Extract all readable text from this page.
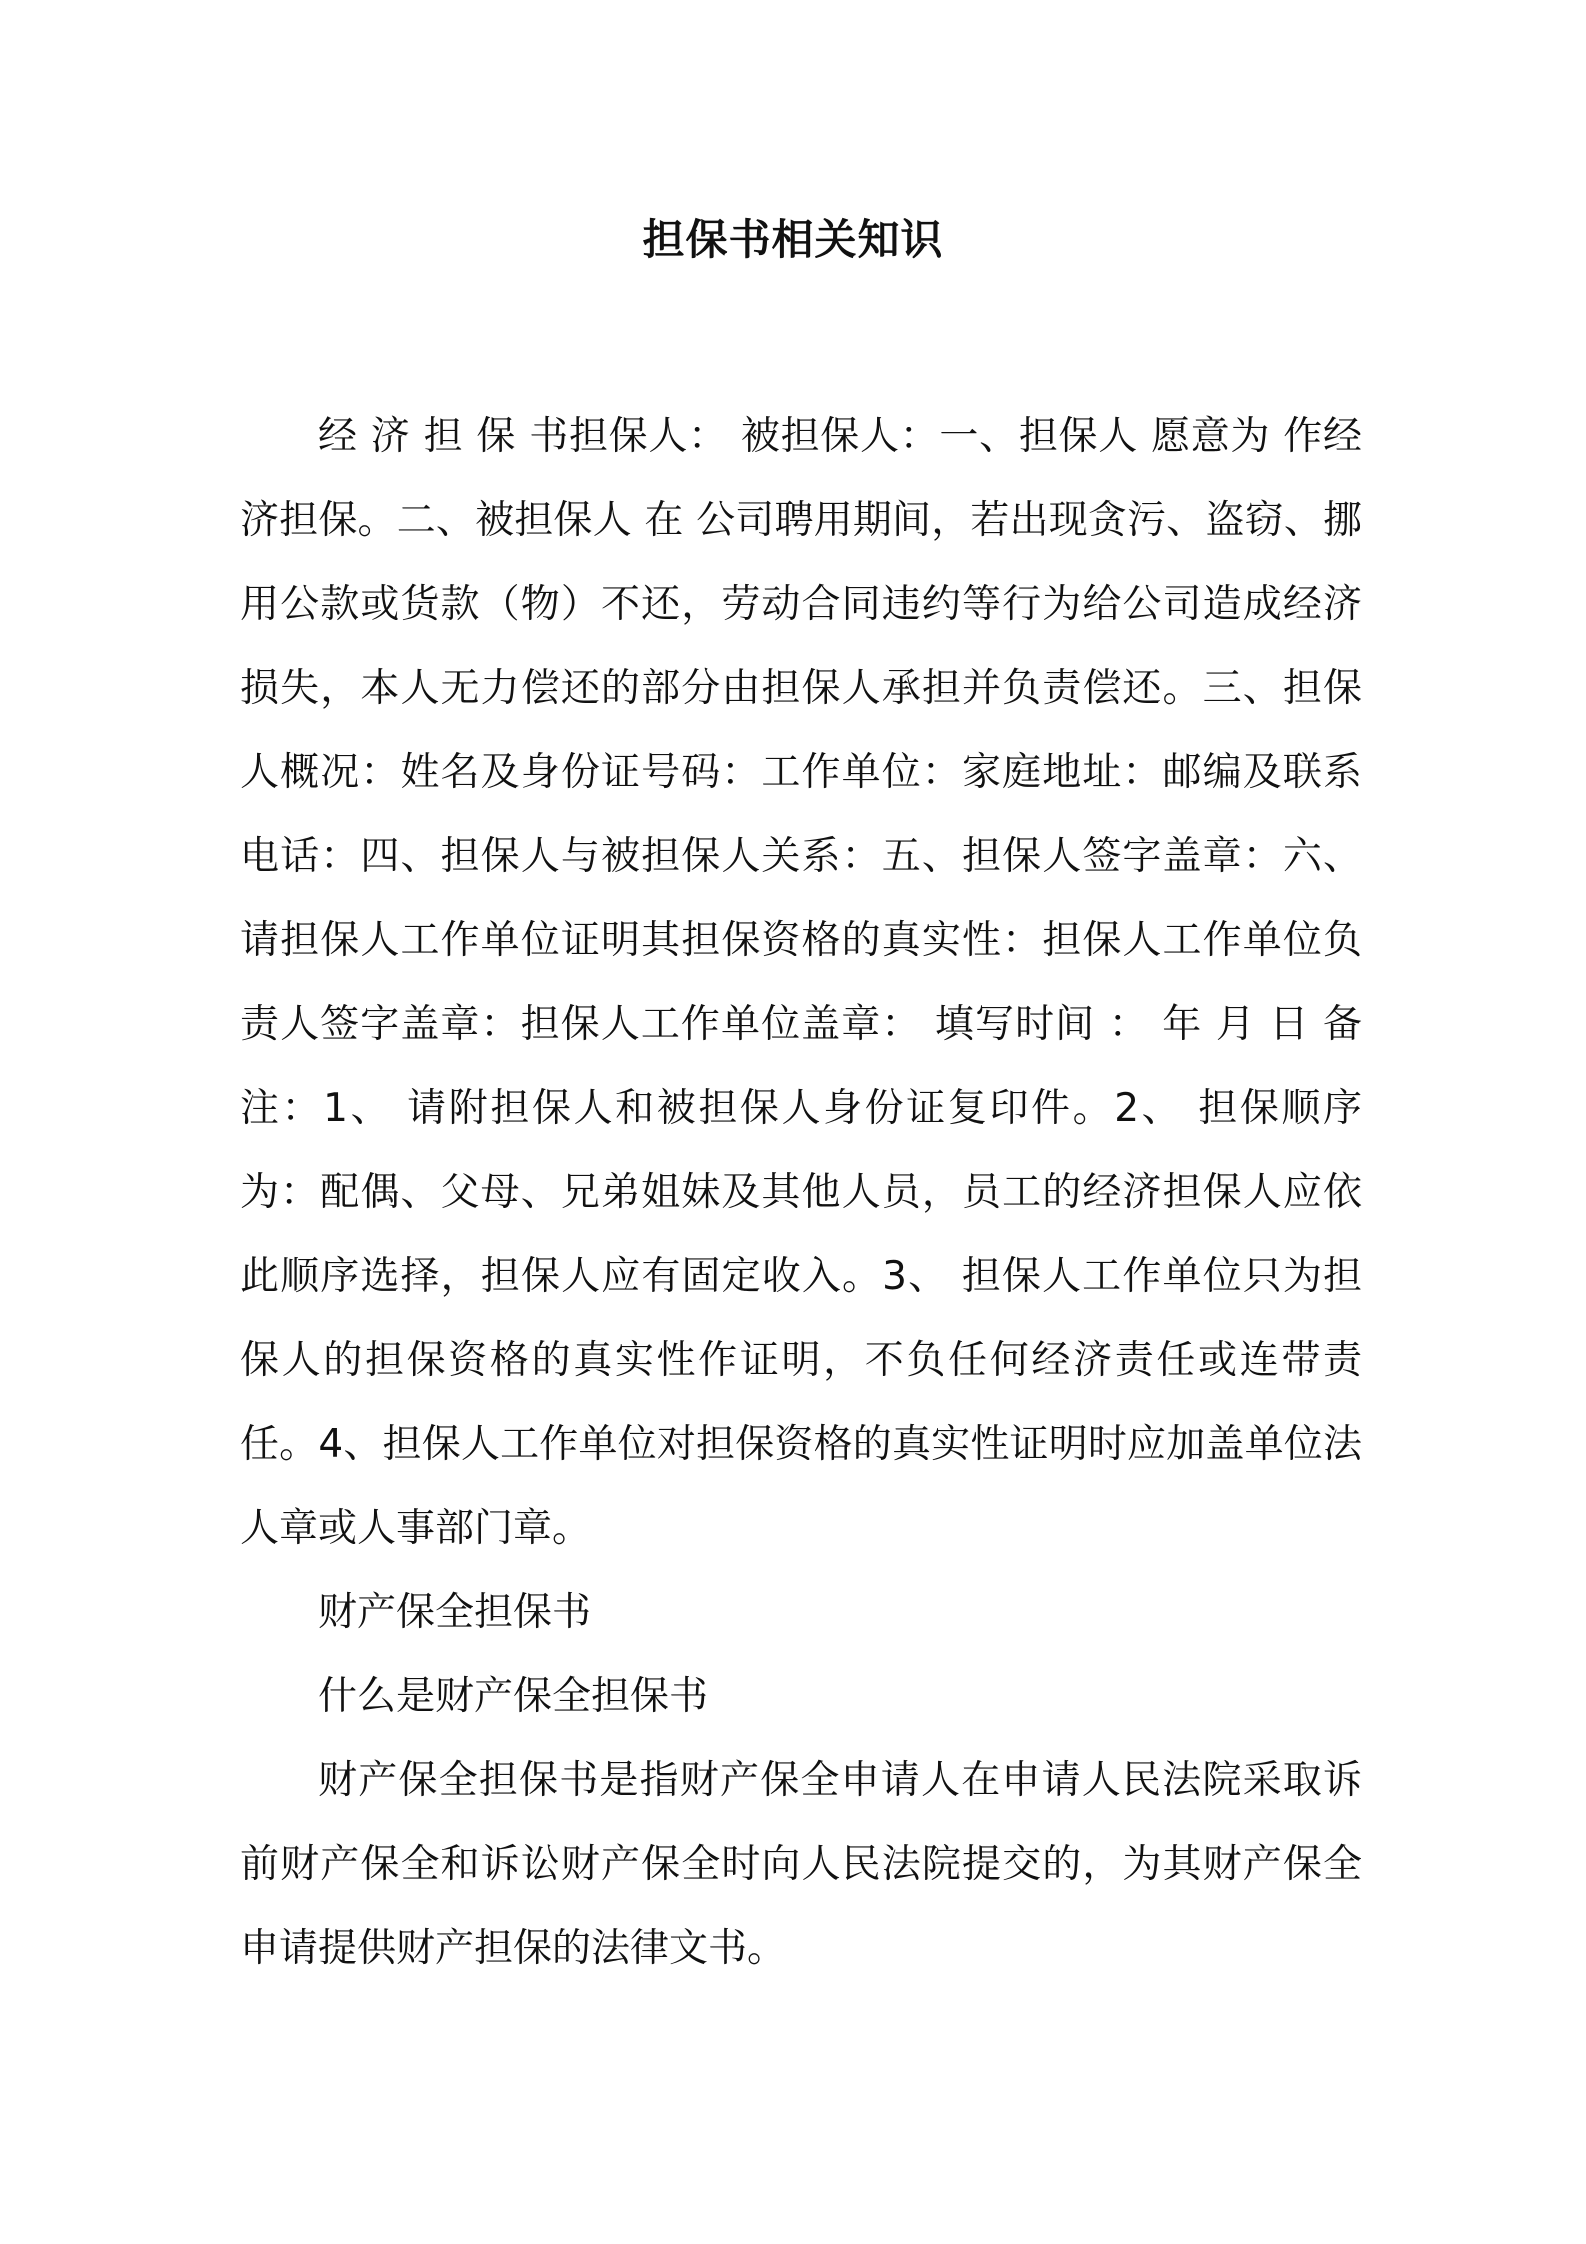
担保书相关知识

经 济 担 保 书担保人： 被担保人：一、担保人 愿意为 作经济担保。二、被担保人 在 公司聘用期间，若出现贪污、盗窃、挪用公款或货款（物）不还，劳动合同违约等行为给公司造成经济损失，本人无力偿还的部分由担保人承担并负责偿还。三、担保人概况：姓名及身份证号码：工作单位：家庭地址：邮编及联系电话：四、担保人与被担保人关系：五、担保人签字盖章：六、请担保人工作单位证明其担保资格的真实性：担保人工作单位负责人签字盖章：担保人工作单位盖章： 填写时间 ： 年 月 日 备注：1、 请附担保人和被担保人身份证复印件。2、 担保顺序为：配偶、父母、兄弟姐妹及其他人员，员工的经济担保人应依此顺序选择，担保人应有固定收入。3、 担保人工作单位只为担保人的担保资格的真实性作证明，不负任何经济责任或连带责任。4、担保人工作单位对担保资格的真实性证明时应加盖单位法人章或人事部门章。

财产保全担保书

什么是财产保全担保书

财产保全担保书是指财产保全申请人在申请人民法院采取诉前财产保全和诉讼财产保全时向人民法院提交的，为其财产保全申请提供财产担保的法律文书。
